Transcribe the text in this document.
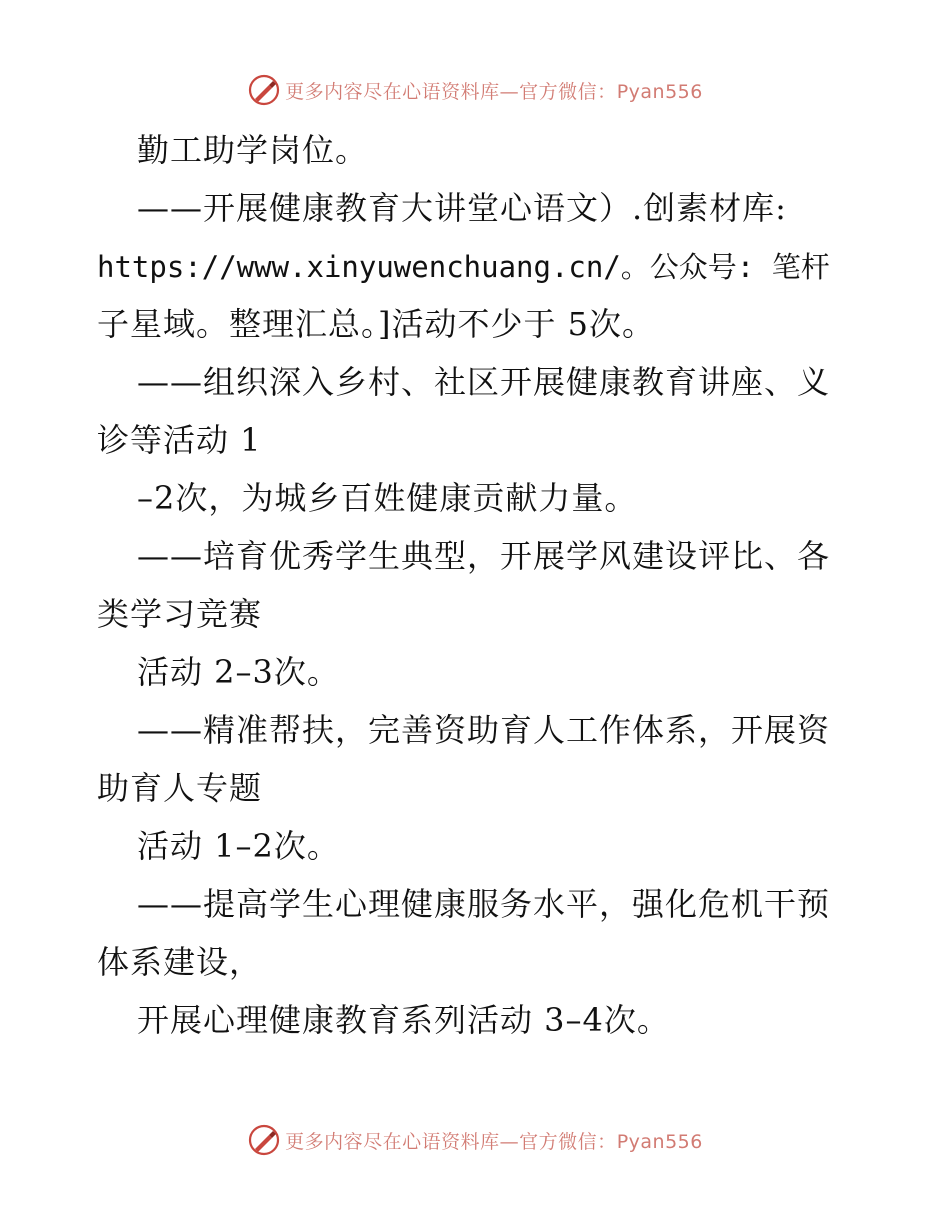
更多内容尽在心语资料库—官方微信：Pyan556
勤工助学岗位。
——开展健康教育大讲堂心语文）.创素材库:
https://www.xinyuwenchuang.cn/。公众号: 笔杆
子星域。整理汇总。]活动不少于 5次。
——组织深入乡村、社区开展健康教育讲座、义
诊等活动 1
–2次，为城乡百姓健康贡献力量。
——培育优秀学生典型，开展学风建设评比、各
类学习竞赛
活动 2–3次。
——精准帮扶，完善资助育人工作体系，开展资
助育人专题
活动 1–2次。
——提高学生心理健康服务水平，强化危机干预
体系建设，
开展心理健康教育系列活动 3–4次。
更多内容尽在心语资料库—官方微信：Pyan556
